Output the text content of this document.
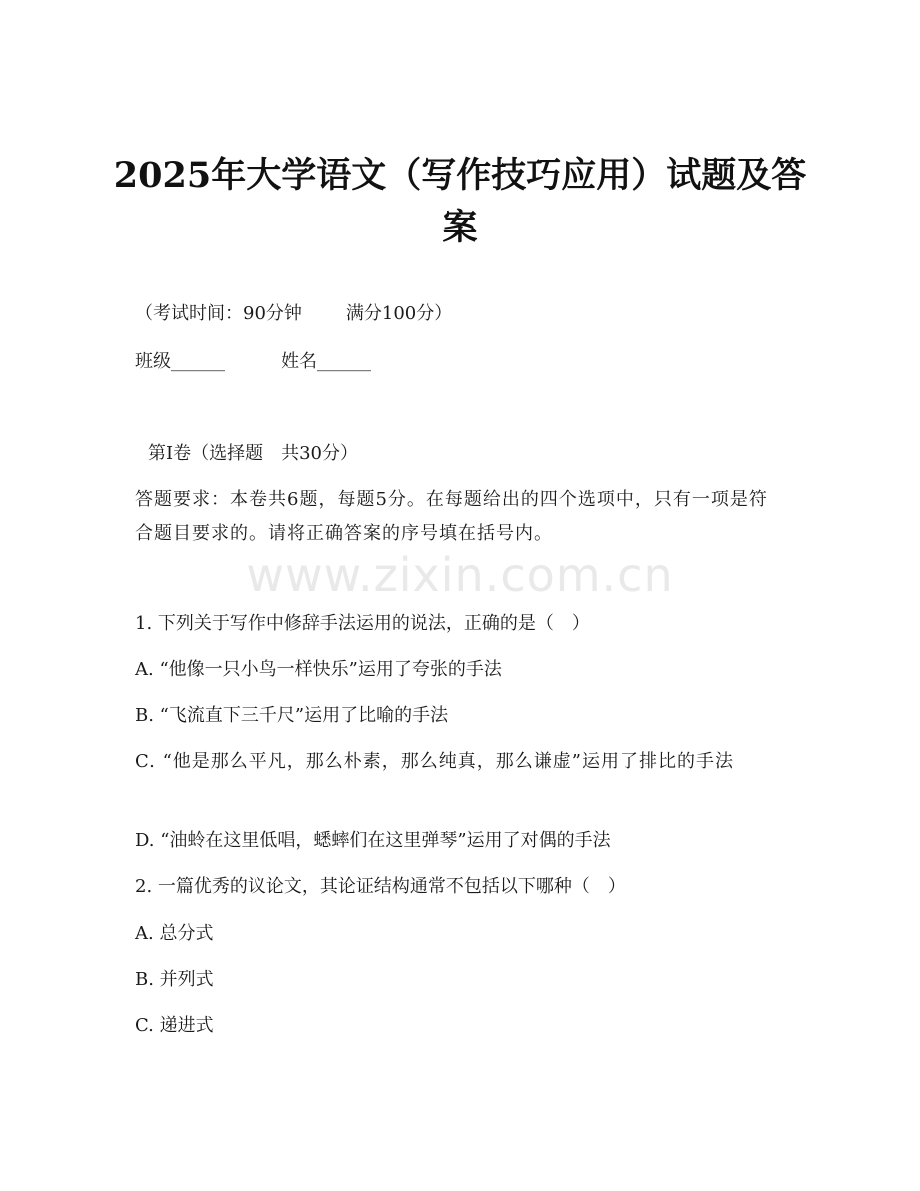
2025年大学语文（写作技巧应用）试题及答案
（考试时间：90分钟 满分100分）
班级______	姓名______
第Ⅰ卷（选择题　共30分）
答题要求：本卷共6题，每题5分。在每题给出的四个选项中，只有一项是符合题目要求的。请将正确答案的序号填在括号内。
www.zixin.com.cn
1. 下列关于写作中修辞手法运用的说法，正确的是（　）
A. “他像一只小鸟一样快乐”运用了夸张的手法
B. “飞流直下三千尺”运用了比喻的手法
C. “他是那么平凡，那么朴素，那么纯真，那么谦虚”运用了排比的手法
D. “油蛉在这里低唱，蟋蟀们在这里弹琴”运用了对偶的手法
2. 一篇优秀的议论文，其论证结构通常不包括以下哪种（　）
A. 总分式
B. 并列式
C. 递进式
